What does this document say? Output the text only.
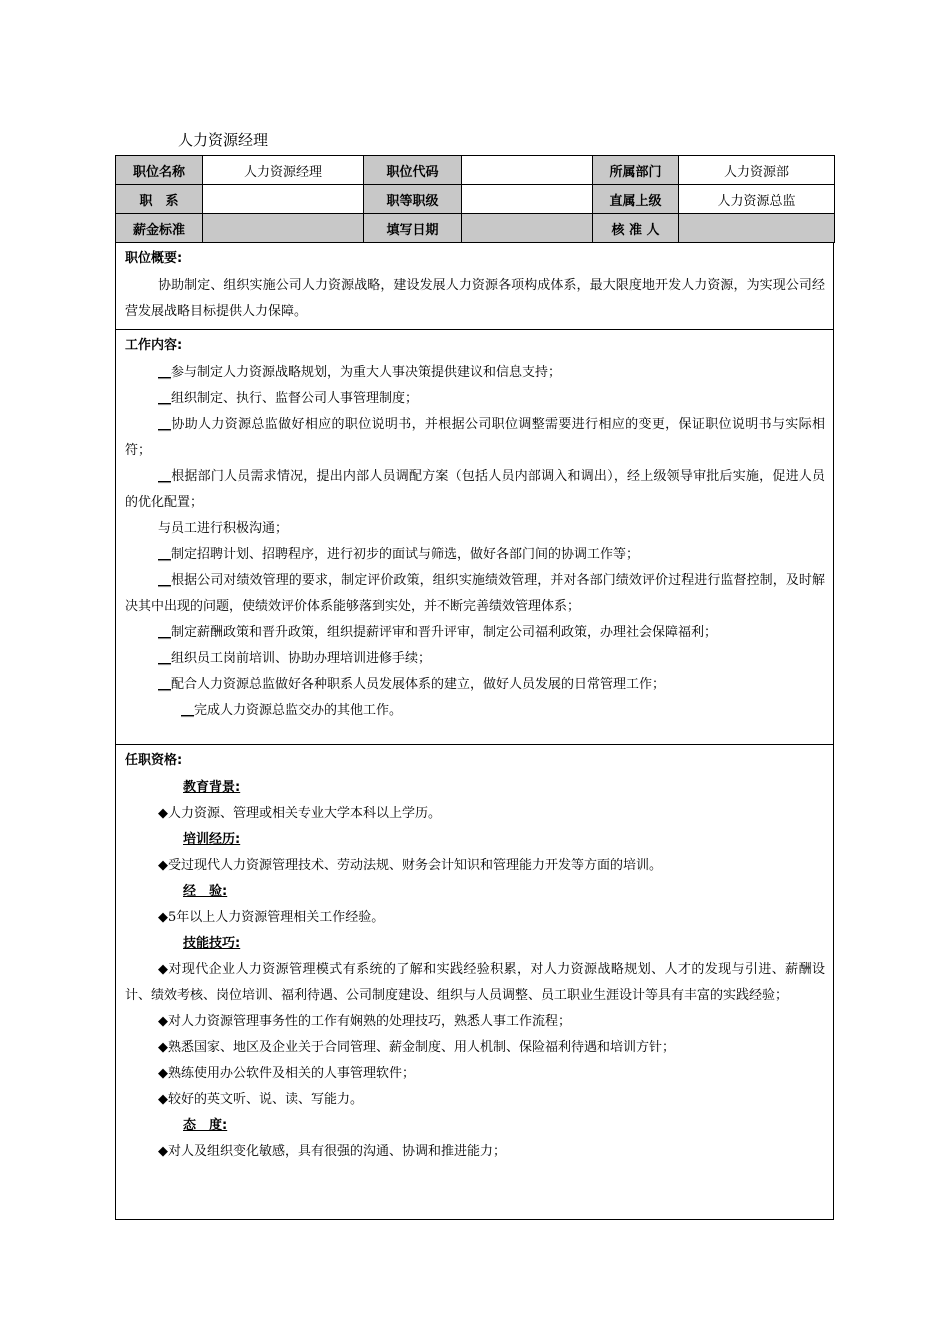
人力资源经理
职位名称	人力资源经理	职位代码		所属部门	人力资源部
职　系		职等职级		直属上级	人力资源总监
薪金标准		填写日期		核 准 人	
职位概要:
协助制定、组织实施公司人力资源战略，建设发展人力资源各项构成体系，最大限度地开发人力资源，为实现公司经营发展战略目标提供人力保障。
工作内容:
__参与制定人力资源战略规划，为重大人事决策提供建议和信息支持；
__组织制定、执行、监督公司人事管理制度；
__协助人力资源总监做好相应的职位说明书，并根据公司职位调整需要进行相应的变更，保证职位说明书与实际相符；
__根据部门人员需求情况，提出内部人员调配方案（包括人员内部调入和调出），经上级领导审批后实施，促进人员的优化配置；
与员工进行积极沟通；
__制定招聘计划、招聘程序，进行初步的面试与筛选，做好各部门间的协调工作等；
__根据公司对绩效管理的要求，制定评价政策，组织实施绩效管理，并对各部门绩效评价过程进行监督控制，及时解决其中出现的问题，使绩效评价体系能够落到实处，并不断完善绩效管理体系；
__制定薪酬政策和晋升政策，组织提薪评审和晋升评审，制定公司福利政策，办理社会保障福利；
__组织员工岗前培训、协助办理培训进修手续；
__配合人力资源总监做好各种职系人员发展体系的建立，做好人员发展的日常管理工作；
__完成人力资源总监交办的其他工作。
任职资格:
教育背景:
◆人力资源、管理或相关专业大学本科以上学历。
培训经历:
◆受过现代人力资源管理技术、劳动法规、财务会计知识和管理能力开发等方面的培训。
经　验:
◆5年以上人力资源管理相关工作经验。
技能技巧:
◆对现代企业人力资源管理模式有系统的了解和实践经验积累，对人力资源战略规划、人才的发现与引进、薪酬设计、绩效考核、岗位培训、福利待遇、公司制度建设、组织与人员调整、员工职业生涯设计等具有丰富的实践经验；
◆对人力资源管理事务性的工作有娴熟的处理技巧，熟悉人事工作流程；
◆熟悉国家、地区及企业关于合同管理、薪金制度、用人机制、保险福利待遇和培训方针；
◆熟练使用办公软件及相关的人事管理软件；
◆较好的英文听、说、读、写能力。
态　度:
◆对人及组织变化敏感，具有很强的沟通、协调和推进能力；
